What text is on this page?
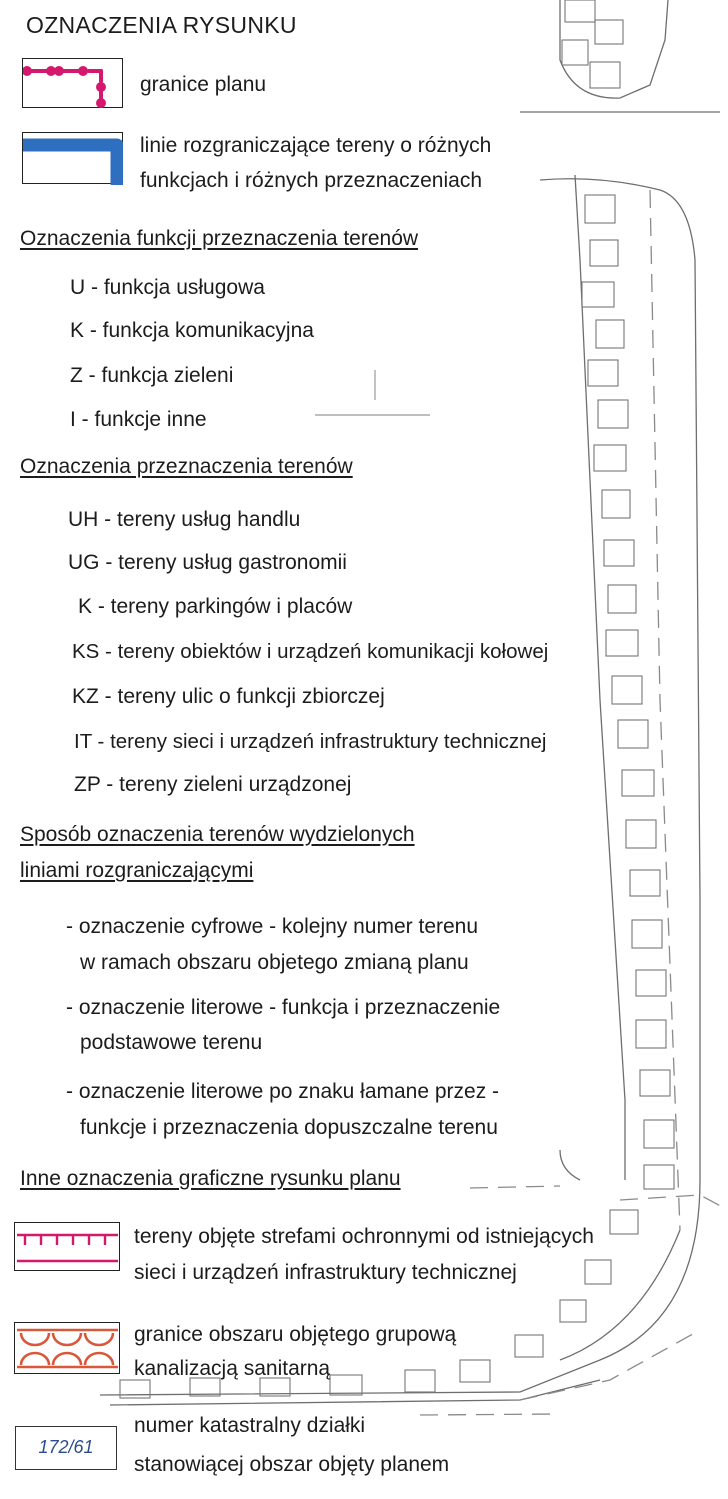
OZNACZENIA RYSUNKU
granice planu
linie rozgraniczające tereny o różnych
funkcjach i różnych przeznaczeniach
Oznaczenia funkcji przeznaczenia terenów
U - funkcja usługowa
K - funkcja komunikacyjna
Z - funkcja zieleni
I - funkcje inne
Oznaczenia przeznaczenia terenów
UH - tereny usług handlu
UG - tereny usług gastronomii
K - tereny parkingów i placów
KS - tereny obiektów i urządzeń komunikacji kołowej
KZ - tereny ulic o funkcji zbiorczej
IT - tereny sieci i urządzeń infrastruktury technicznej
ZP - tereny zieleni urządzonej
Sposób oznaczenia terenów wydzielonych
liniami rozgraniczającymi
- oznaczenie cyfrowe - kolejny numer terenu
w ramach obszaru objetego zmianą planu
- oznaczenie literowe - funkcja i przeznaczenie
podstawowe terenu
- oznaczenie literowe po znaku łamane przez -
funkcje i przeznaczenia dopuszczalne terenu
Inne oznaczenia graficzne rysunku planu
tereny objęte strefami ochronnymi od istniejących
sieci i urządzeń infrastruktury technicznej
granice obszaru objętego grupową
kanalizacją sanitarną
172/61
numer katastralny działki
stanowiącej obszar objęty planem
